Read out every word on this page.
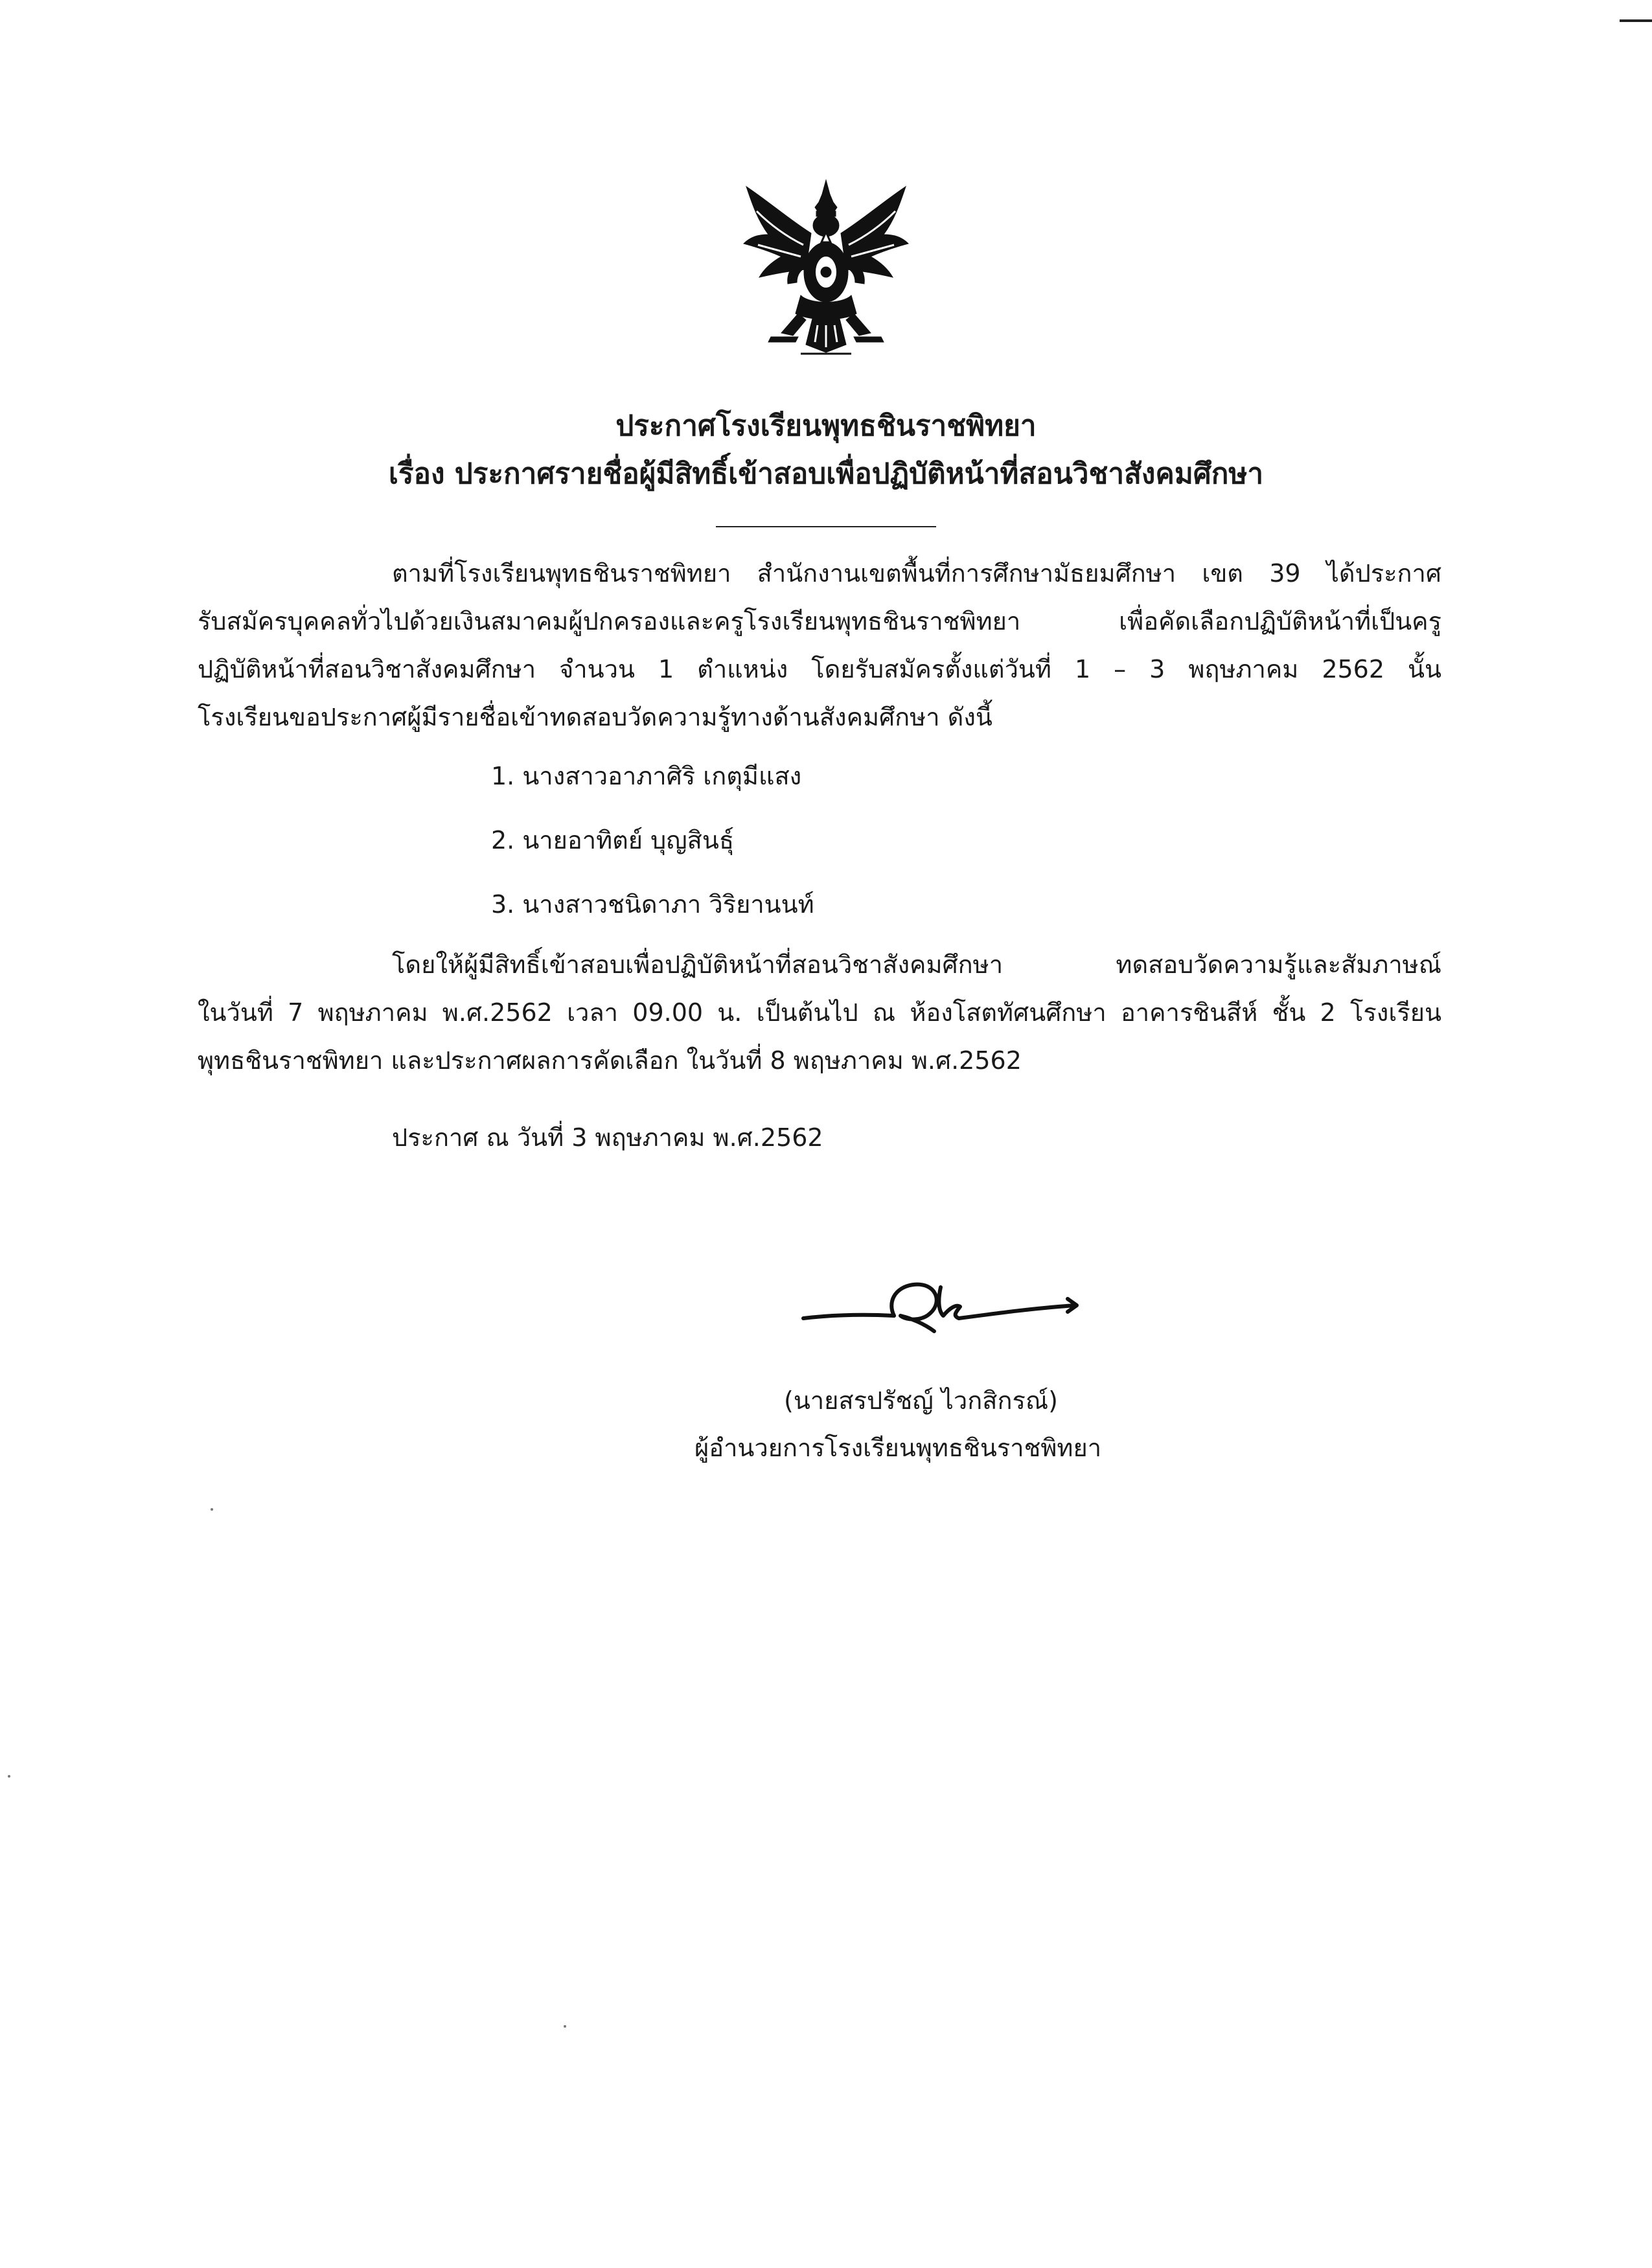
ประกาศโรงเรียนพุทธชินราชพิทยา
เรื่อง ประกาศรายชื่อผู้มีสิทธิ์เข้าสอบเพื่อปฏิบัติหน้าที่สอนวิชาสังคมศึกษา

ตามที่โรงเรียนพุทธชินราชพิทยา สำนักงานเขตพื้นที่การศึกษามัธยมศึกษา เขต 39 ได้ประกาศ

รับสมัครบุคคลทั่วไปด้วยเงินสมาคมผู้ปกครองและครูโรงเรียนพุทธชินราชพิทยา เพื่อคัดเลือกปฏิบัติหน้าที่เป็นครู

ปฏิบัติหน้าที่สอนวิชาสังคมศึกษา จำนวน 1 ตำแหน่ง โดยรับสมัครตั้งแต่วันที่ 1 – 3 พฤษภาคม 2562 นั้น

โรงเรียนขอประกาศผู้มีรายชื่อเข้าทดสอบวัดความรู้ทางด้านสังคมศึกษา ดังนี้

1. นางสาวอาภาศิริ เกตุมีแสง

2. นายอาทิตย์ บุญสินธุ์

3. นางสาวชนิดาภา วิริยานนท์

โดยให้ผู้มีสิทธิ์เข้าสอบเพื่อปฏิบัติหน้าที่สอนวิชาสังคมศึกษา ทดสอบวัดความรู้และสัมภาษณ์

ในวันที่ 7 พฤษภาคม พ.ศ.2562 เวลา 09.00 น. เป็นต้นไป ณ ห้องโสตทัศนศึกษา อาคารชินสีห์ ชั้น 2 โรงเรียน

พุทธชินราชพิทยา และประกาศผลการคัดเลือก ในวันที่ 8 พฤษภาคม พ.ศ.2562

ประกาศ ณ วันที่ 3 พฤษภาคม พ.ศ.2562

(นายสรปรัชญ์ ไวกสิกรณ์)

ผู้อำนวยการโรงเรียนพุทธชินราชพิทยา
